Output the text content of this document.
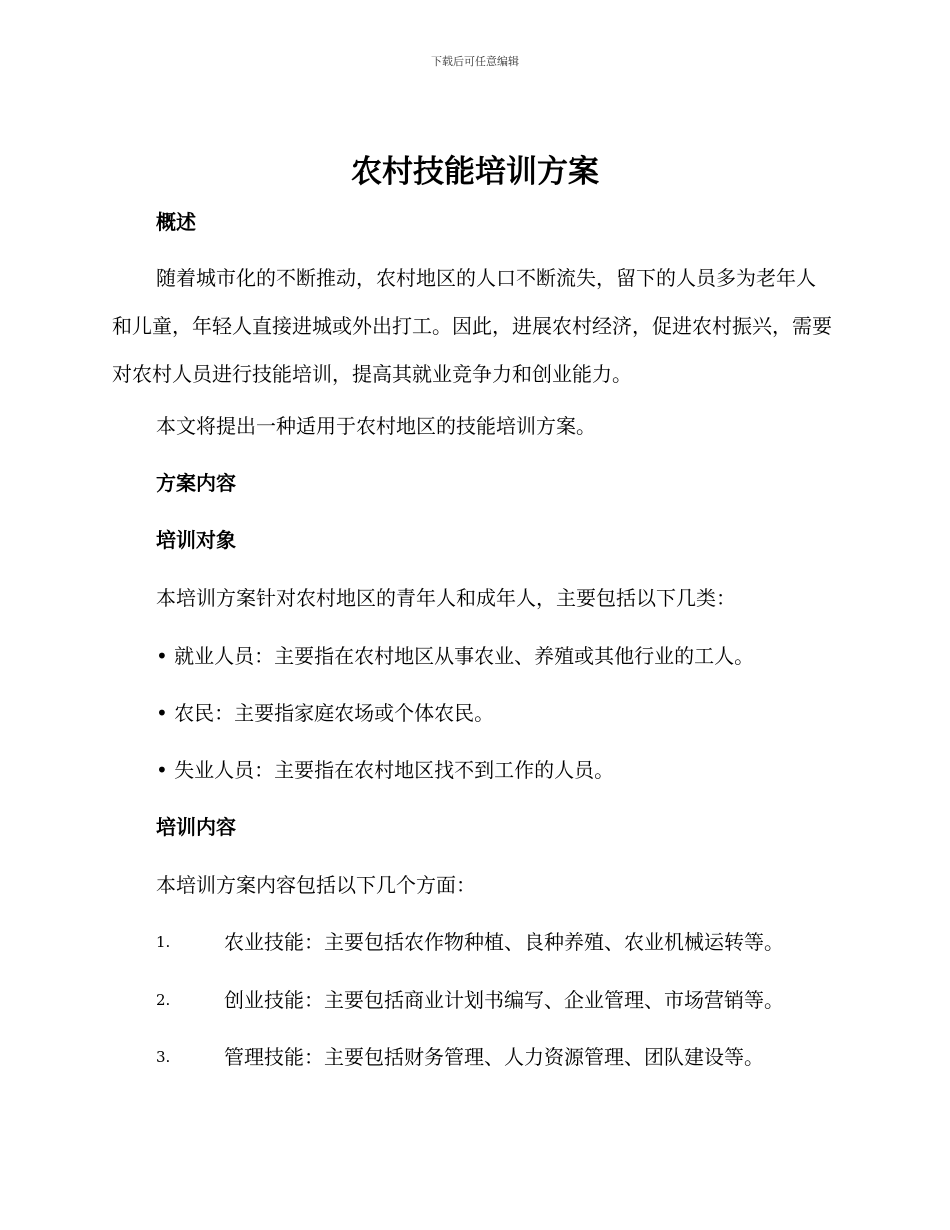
下载后可任意编辑
农村技能培训方案
概述

随着城市化的不断推动，农村地区的人口不断流失，留下的人员多为老年人和儿童，年轻人直接进城或外出打工。因此，进展农村经济，促进农村振兴，需要对农村人员进行技能培训，提高其就业竞争力和创业能力。

本文将提出一种适用于农村地区的技能培训方案。

方案内容
培训对象
本培训方案针对农村地区的青年人和成年人，主要包括以下几类：
• 就业人员：主要指在农村地区从事农业、养殖或其他行业的工人。
• 农民：主要指家庭农场或个体农民。
• 失业人员：主要指在农村地区找不到工作的人员。
培训内容
本培训方案内容包括以下几个方面：
1.	农业技能：主要包括农作物种植、良种养殖、农业机械运转等。
2.	创业技能：主要包括商业计划书编写、企业管理、市场营销等。
3.	管理技能：主要包括财务管理、人力资源管理、团队建设等。
